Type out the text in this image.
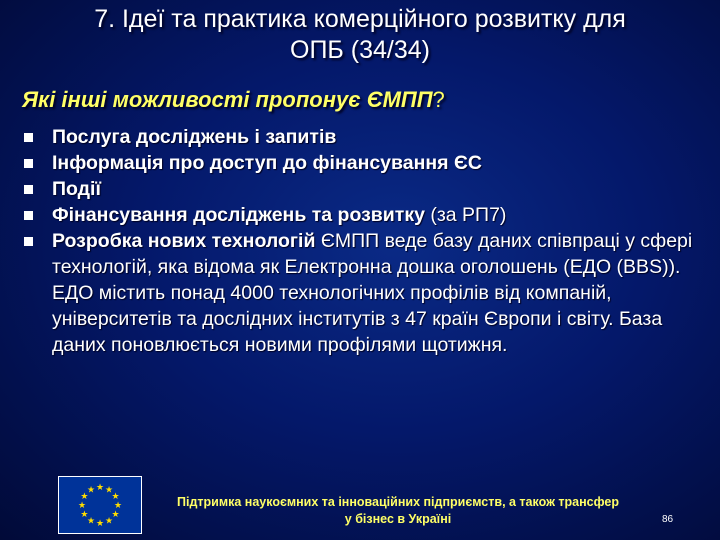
7. Ідеї та практика комерційного розвитку для
ОПБ (34/34)
Які інші можливості пропонує ЄМПП?
Послуга досліджень і запитів
Інформація про доступ до фінансування ЄС
Події
Фінансування досліджень та розвитку (за РП7)
Розробка нових технологій ЄМПП веде базу даних співпраці у сфері технологій, яка відома як Електронна дошка оголошень (ЕДО (BBS)). ЕДО містить понад 4000 технологічних профілів від компаній, університетів та дослідних інститутів з 47 країн Європи і світу. База даних поновлюється новими профілями щотижня.
★ ★
★
★
★
★
★
★
★
★
★
★
Підтримка наукоємних та інноваційних підприємств, а також трансфер
у бізнес в Україні	86
